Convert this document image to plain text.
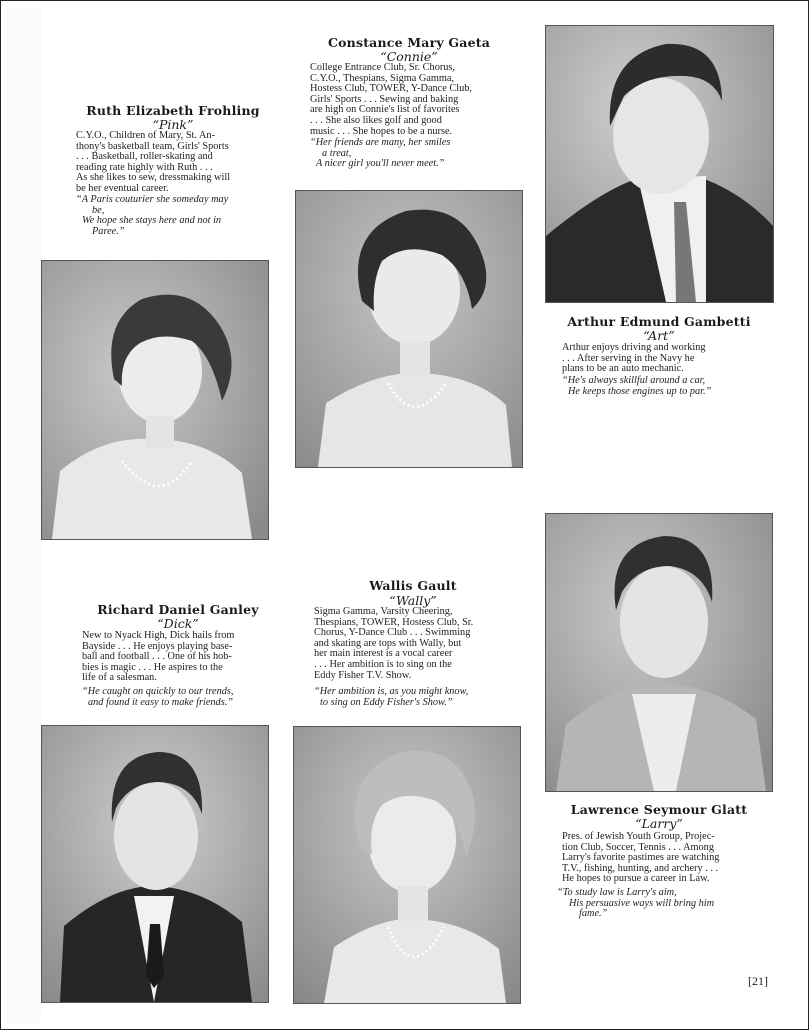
Ruth Elizabeth Frohling
“Pink”
C.Y.O., Children of Mary, St. An-
thony's basketball team, Girls' Sports
. . . Basketball, roller-skating and
reading rate highly with Ruth . . .
As she likes to sew, dressmaking will
be her eventual career.
“A Paris couturier she someday may
be,
We hope she stays here and not in
Paree.”
Constance Mary Gaeta
“Connie”
College Entrance Club, Sr. Chorus,
C.Y.O., Thespians, Sigma Gamma,
Hostess Club, TOWER, Y-Dance Club,
Girls' Sports . . . Sewing and baking
are high on Connie's list of favorites
. . . She also likes golf and good
music . . . She hopes to be a nurse.
“Her friends are many, her smiles
a treat,
A nicer girl you'll never meet.”
Arthur Edmund Gambetti
“Art”
Arthur enjoys driving and working
. . . After serving in the Navy he
plans to be an auto mechanic.
“He's always skillful around a car,
He keeps those engines up to par.”
Richard Daniel Ganley
“Dick”
New to Nyack High, Dick hails from
Bayside . . . He enjoys playing base-
ball and football . . . One of his hob-
bies is magic . . . He aspires to the
life of a salesman.
“He caught on quickly to our trends,
and found it easy to make friends.”
Wallis Gault
“Wally”
Sigma Gamma, Varsity Cheering,
Thespians, TOWER, Hostess Club, Sr.
Chorus, Y-Dance Club . . . Swimming
and skating are tops with Wally, but
her main interest is a vocal career
. . . Her ambition is to sing on the
Eddy Fisher T.V. Show.
“Her ambition is, as you might know,
to sing on Eddy Fisher's Show.”
Lawrence Seymour Glatt
“Larry”
Pres. of Jewish Youth Group, Projec-
tion Club, Soccer, Tennis . . . Among
Larry's favorite pastimes are watching
T.V., fishing, hunting, and archery . . .
He hopes to pursue a career in Law.
“To study law is Larry's aim,
His persuasive ways will bring him
fame.”
[21]
